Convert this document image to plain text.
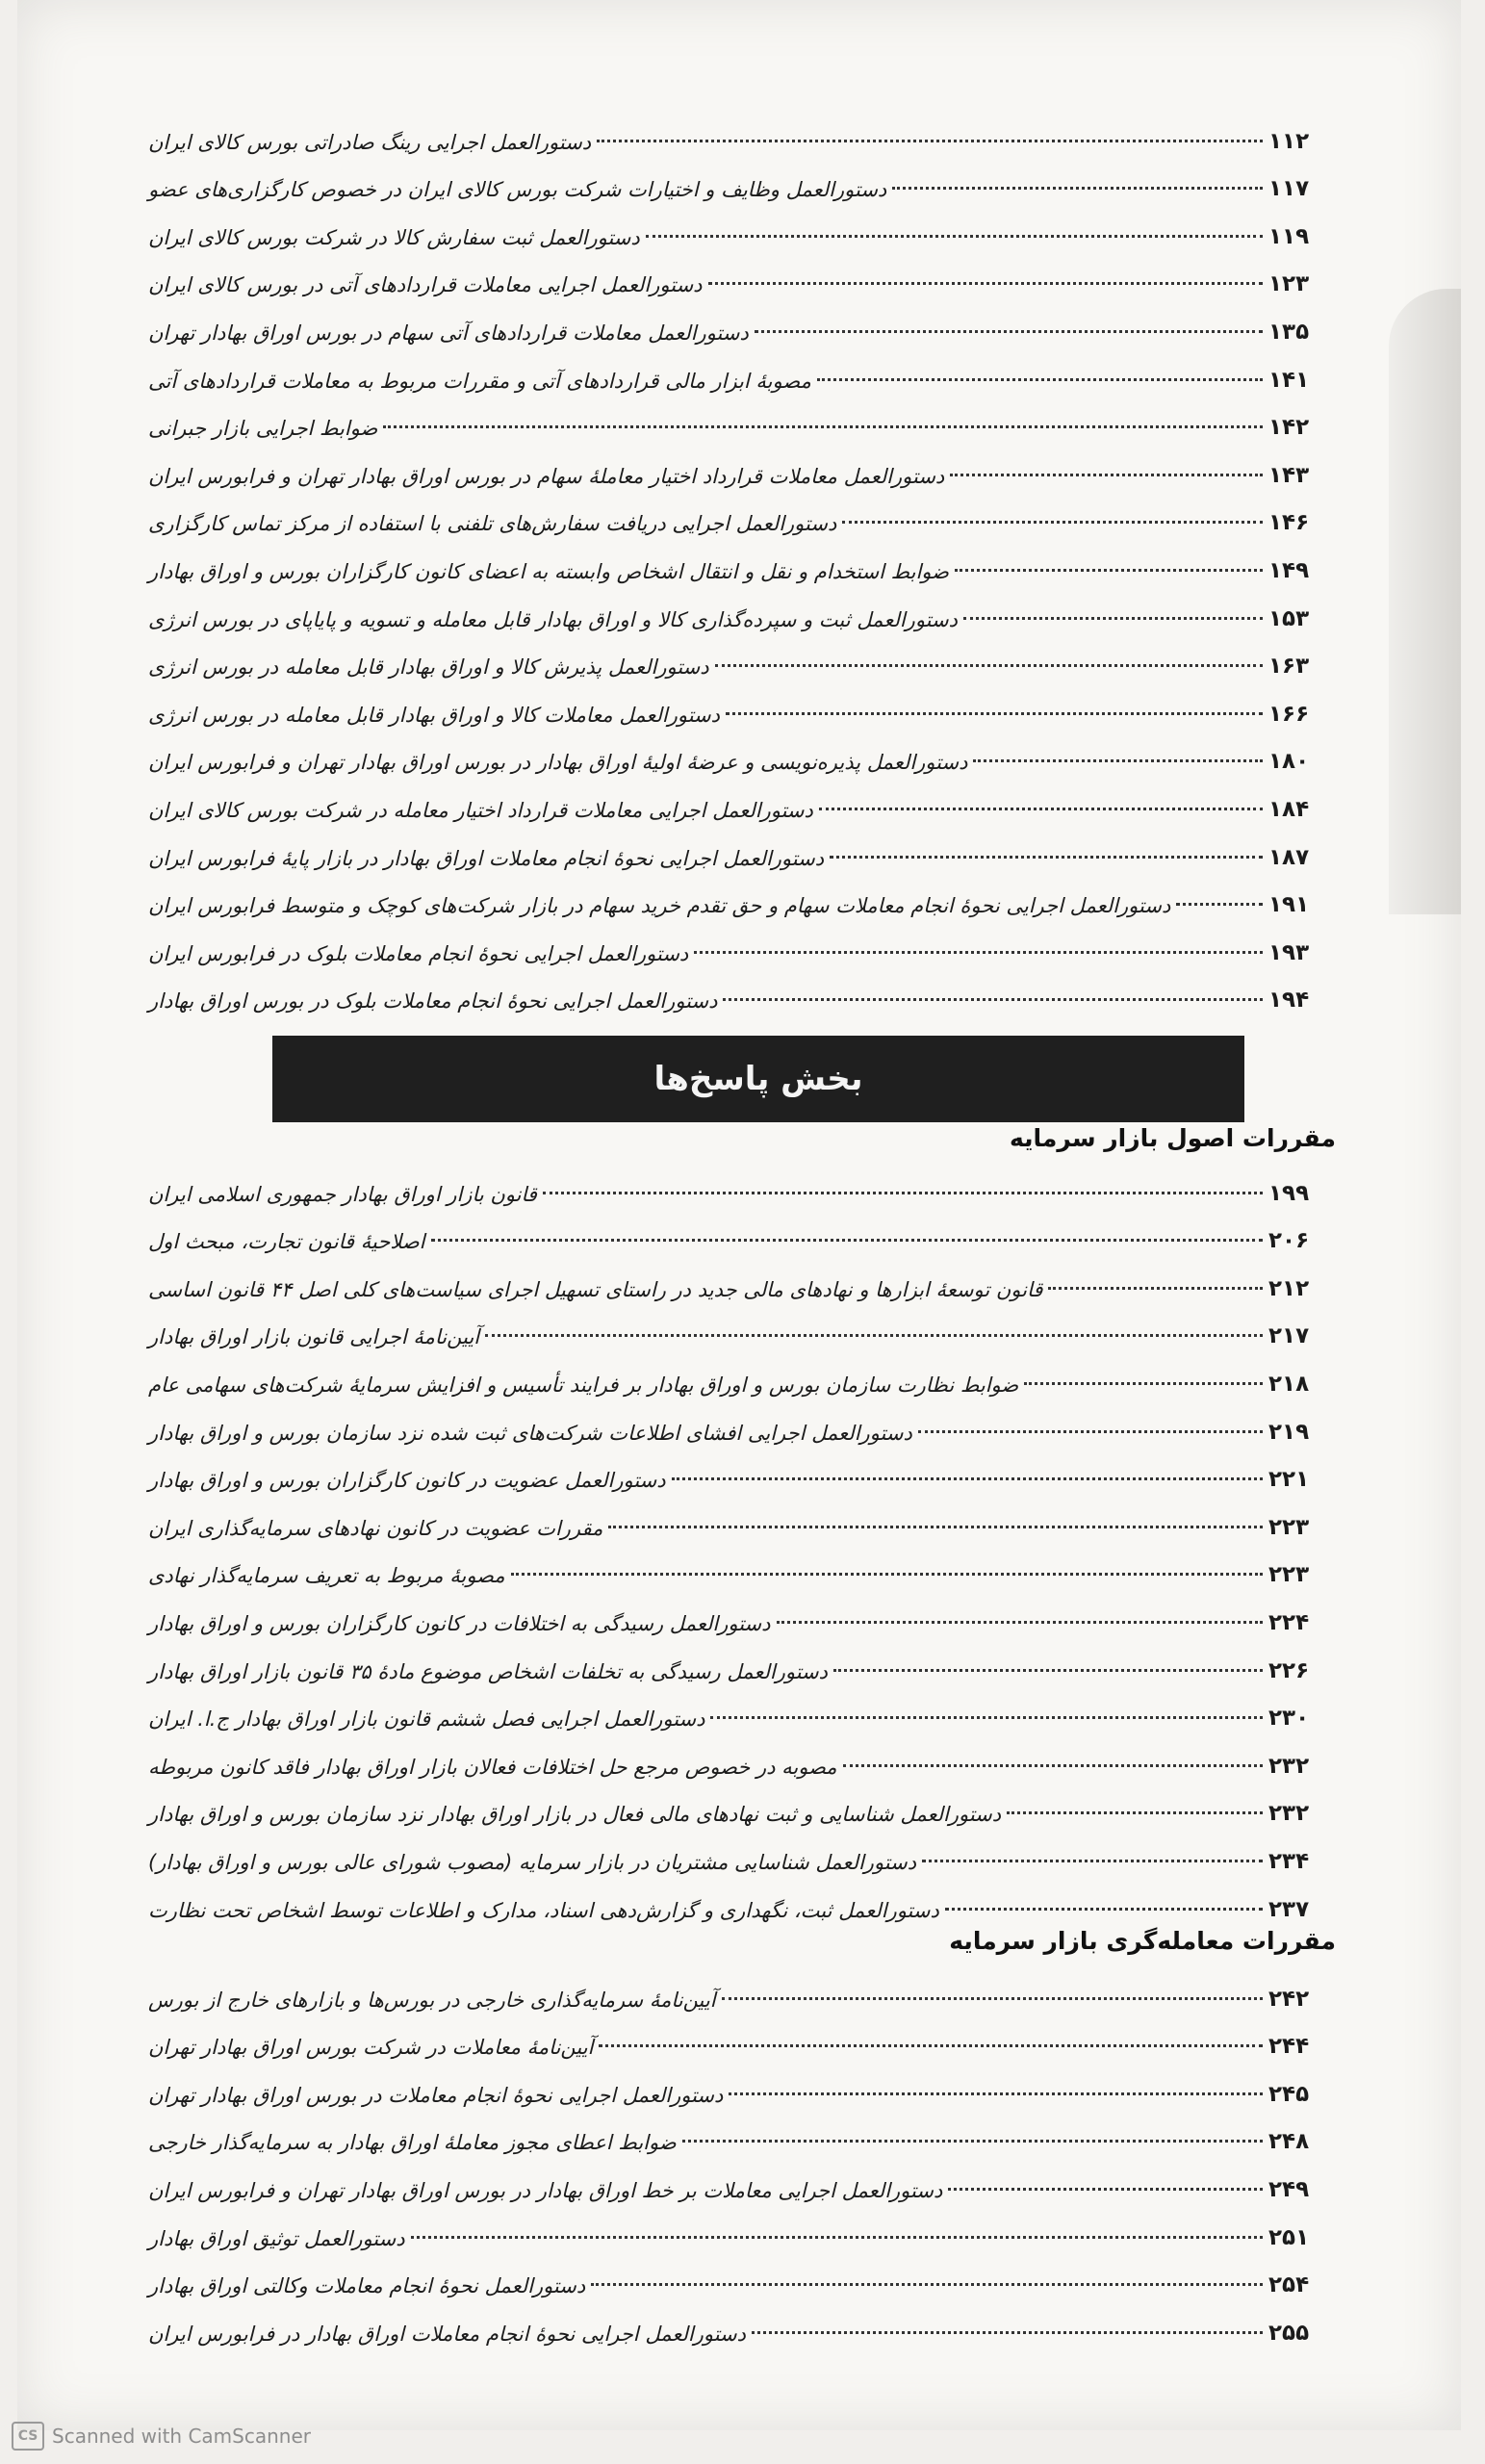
دستورالعمل اجرایی رینگ صادراتی بورس کالای ایران	۱۱۲
دستورالعمل وظایف و اختیارات شرکت بورس کالای ایران در خصوص کارگزاری‌های عضو	۱۱۷
دستورالعمل ثبت سفارش کالا در شرکت بورس کالای ایران	۱۱۹
دستورالعمل اجرایی معاملات قراردادهای آتی در بورس کالای ایران	۱۲۳
دستورالعمل معاملات قراردادهای آتی سهام در بورس اوراق بهادار تهران	۱۳۵
مصوبهٔ ابزار مالی قراردادهای آتی و مقررات مربوط به معاملات قراردادهای آتی	۱۴۱
ضوابط اجرایی بازار جبرانی	۱۴۲
دستورالعمل معاملات قرارداد اختیار معاملهٔ سهام در بورس اوراق بهادار تهران و فرابورس ایران	۱۴۳
دستورالعمل اجرایی دریافت سفارش‌های تلفنی با استفاده از مرکز تماس کارگزاری	۱۴۶
ضوابط استخدام و نقل و انتقال اشخاص وابسته به اعضای کانون کارگزاران بورس و اوراق بهادار	۱۴۹
دستورالعمل ثبت و سپرده‌گذاری کالا و اوراق بهادار قابل معامله و تسویه و پایاپای در بورس انرژی	۱۵۳
دستورالعمل پذیرش کالا و اوراق بهادار قابل معامله در بورس انرژی	۱۶۳
دستورالعمل معاملات کالا و اوراق بهادار قابل معامله در بورس انرژی	۱۶۶
دستورالعمل پذیره‌نویسی و عرضهٔ اولیهٔ اوراق بهادار در بورس اوراق بهادار تهران و فرابورس ایران	۱۸۰
دستورالعمل اجرایی معاملات قرارداد اختیار معامله در شرکت بورس کالای ایران	۱۸۴
دستورالعمل اجرایی نحوهٔ انجام معاملات اوراق بهادار در بازار پایهٔ فرابورس ایران	۱۸۷
دستورالعمل اجرایی نحوهٔ انجام معاملات سهام و حق تقدم خرید سهام در بازار شرکت‌های کوچک و متوسط فرابورس ایران	۱۹۱
دستورالعمل اجرایی نحوهٔ انجام معاملات بلوک در فرابورس ایران	۱۹۳
دستورالعمل اجرایی نحوهٔ انجام معاملات بلوک در بورس اوراق بهادار	۱۹۴
بخش پاسخ‌ها
مقررات اصول بازار سرمایه
قانون بازار اوراق بهادار جمهوری اسلامی ایران	۱۹۹
اصلاحیهٔ قانون تجارت، مبحث اول	۲۰۶
قانون توسعهٔ ابزارها و نهادهای مالی جدید در راستای تسهیل اجرای سیاست‌های کلی اصل ۴۴ قانون اساسی	۲۱۲
آیین‌نامهٔ اجرایی قانون بازار اوراق بهادار	۲۱۷
ضوابط نظارت سازمان بورس و اوراق بهادار بر فرایند تأسیس و افزایش سرمایهٔ شرکت‌های سهامی عام	۲۱۸
دستورالعمل اجرایی افشای اطلاعات شرکت‌های ثبت شده نزد سازمان بورس و اوراق بهادار	۲۱۹
دستورالعمل عضویت در کانون کارگزاران بورس و اوراق بهادار	۲۲۱
مقررات عضویت در کانون نهادهای سرمایه‌گذاری ایران	۲۲۳
مصوبهٔ مربوط به تعریف سرمایه‌گذار نهادی	۲۲۳
دستورالعمل رسیدگی به اختلافات در کانون کارگزاران بورس و اوراق بهادار	۲۲۴
دستورالعمل رسیدگی به تخلفات اشخاص موضوع مادهٔ ۳۵ قانون بازار اوراق بهادار	۲۲۶
دستورالعمل اجرایی فصل ششم قانون بازار اوراق بهادار ج.ا. ایران	۲۳۰
مصوبه در خصوص مرجع حل اختلافات فعالان بازار اوراق بهادار فاقد کانون مربوطه	۲۳۲
دستورالعمل شناسایی و ثبت نهادهای مالی فعال در بازار اوراق بهادار نزد سازمان بورس و اوراق بهادار	۲۳۲
دستورالعمل شناسایی مشتریان در بازار سرمایه (مصوب شورای عالی بورس و اوراق بهادار)	۲۳۴
دستورالعمل ثبت، نگهداری و گزارش‌دهی اسناد، مدارک و اطلاعات توسط اشخاص تحت نظارت	۲۳۷
مقررات معامله‌گری بازار سرمایه
آیین‌نامهٔ سرمایه‌گذاری خارجی در بورس‌ها و بازارهای خارج از بورس	۲۴۲
آیین‌نامهٔ معاملات در شرکت بورس اوراق بهادار تهران	۲۴۴
دستورالعمل اجرایی نحوهٔ انجام معاملات در بورس اوراق بهادار تهران	۲۴۵
ضوابط اعطای مجوز معاملهٔ اوراق بهادار به سرمایه‌گذار خارجی	۲۴۸
دستورالعمل اجرایی معاملات بر خط اوراق بهادار در بورس اوراق بهادار تهران و فرابورس ایران	۲۴۹
دستورالعمل توثیق اوراق بهادار	۲۵۱
دستورالعمل نحوهٔ انجام معاملات وکالتی اوراق بهادار	۲۵۴
دستورالعمل اجرایی نحوهٔ انجام معاملات اوراق بهادار در فرابورس ایران	۲۵۵
CS Scanned with CamScanner
